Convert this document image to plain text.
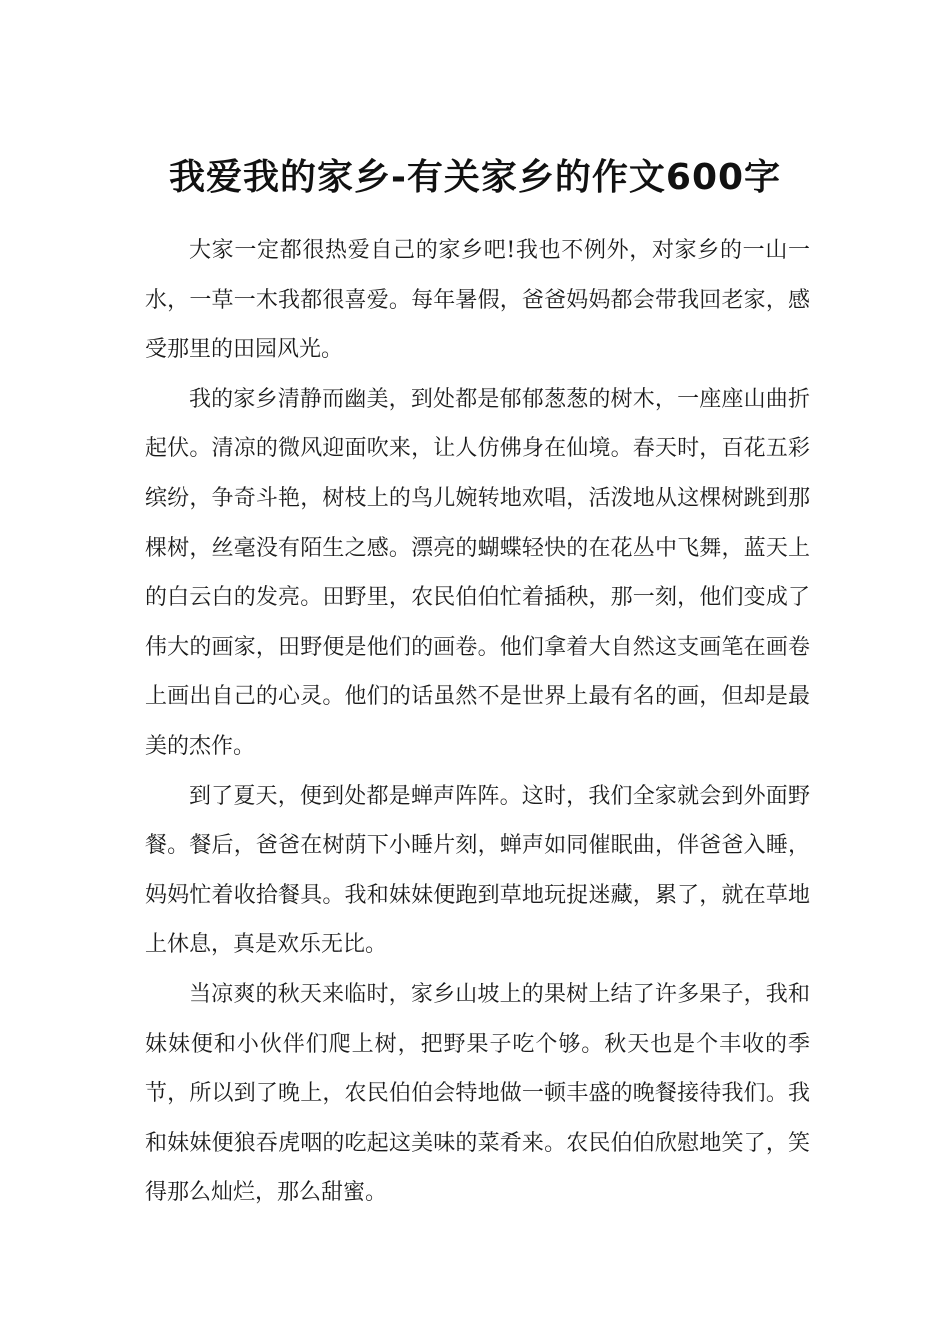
我爱我的家乡-有关家乡的作文600字

大家一定都很热爱自己的家乡吧!我也不例外，对家乡的一山一水，一草一木我都很喜爱。每年暑假，爸爸妈妈都会带我回老家，感受那里的田园风光。

我的家乡清静而幽美，到处都是郁郁葱葱的树木，一座座山曲折起伏。清凉的微风迎面吹来，让人仿佛身在仙境。春天时，百花五彩缤纷，争奇斗艳，树枝上的鸟儿婉转地欢唱，活泼地从这棵树跳到那棵树，丝毫没有陌生之感。漂亮的蝴蝶轻快的在花丛中飞舞，蓝天上的白云白的发亮。田野里，农民伯伯忙着插秧，那一刻，他们变成了伟大的画家，田野便是他们的画卷。他们拿着大自然这支画笔在画卷上画出自己的心灵。他们的话虽然不是世界上最有名的画，但却是最美的杰作。

到了夏天，便到处都是蝉声阵阵。这时，我们全家就会到外面野餐。餐后，爸爸在树荫下小睡片刻，蝉声如同催眠曲，伴爸爸入睡，妈妈忙着收拾餐具。我和妹妹便跑到草地玩捉迷藏，累了，就在草地上休息，真是欢乐无比。

当凉爽的秋天来临时，家乡山坡上的果树上结了许多果子，我和妹妹便和小伙伴们爬上树，把野果子吃个够。秋天也是个丰收的季节，所以到了晚上，农民伯伯会特地做一顿丰盛的晚餐接待我们。我和妹妹便狼吞虎咽的吃起这美味的菜肴来。农民伯伯欣慰地笑了，笑得那么灿烂，那么甜蜜。
